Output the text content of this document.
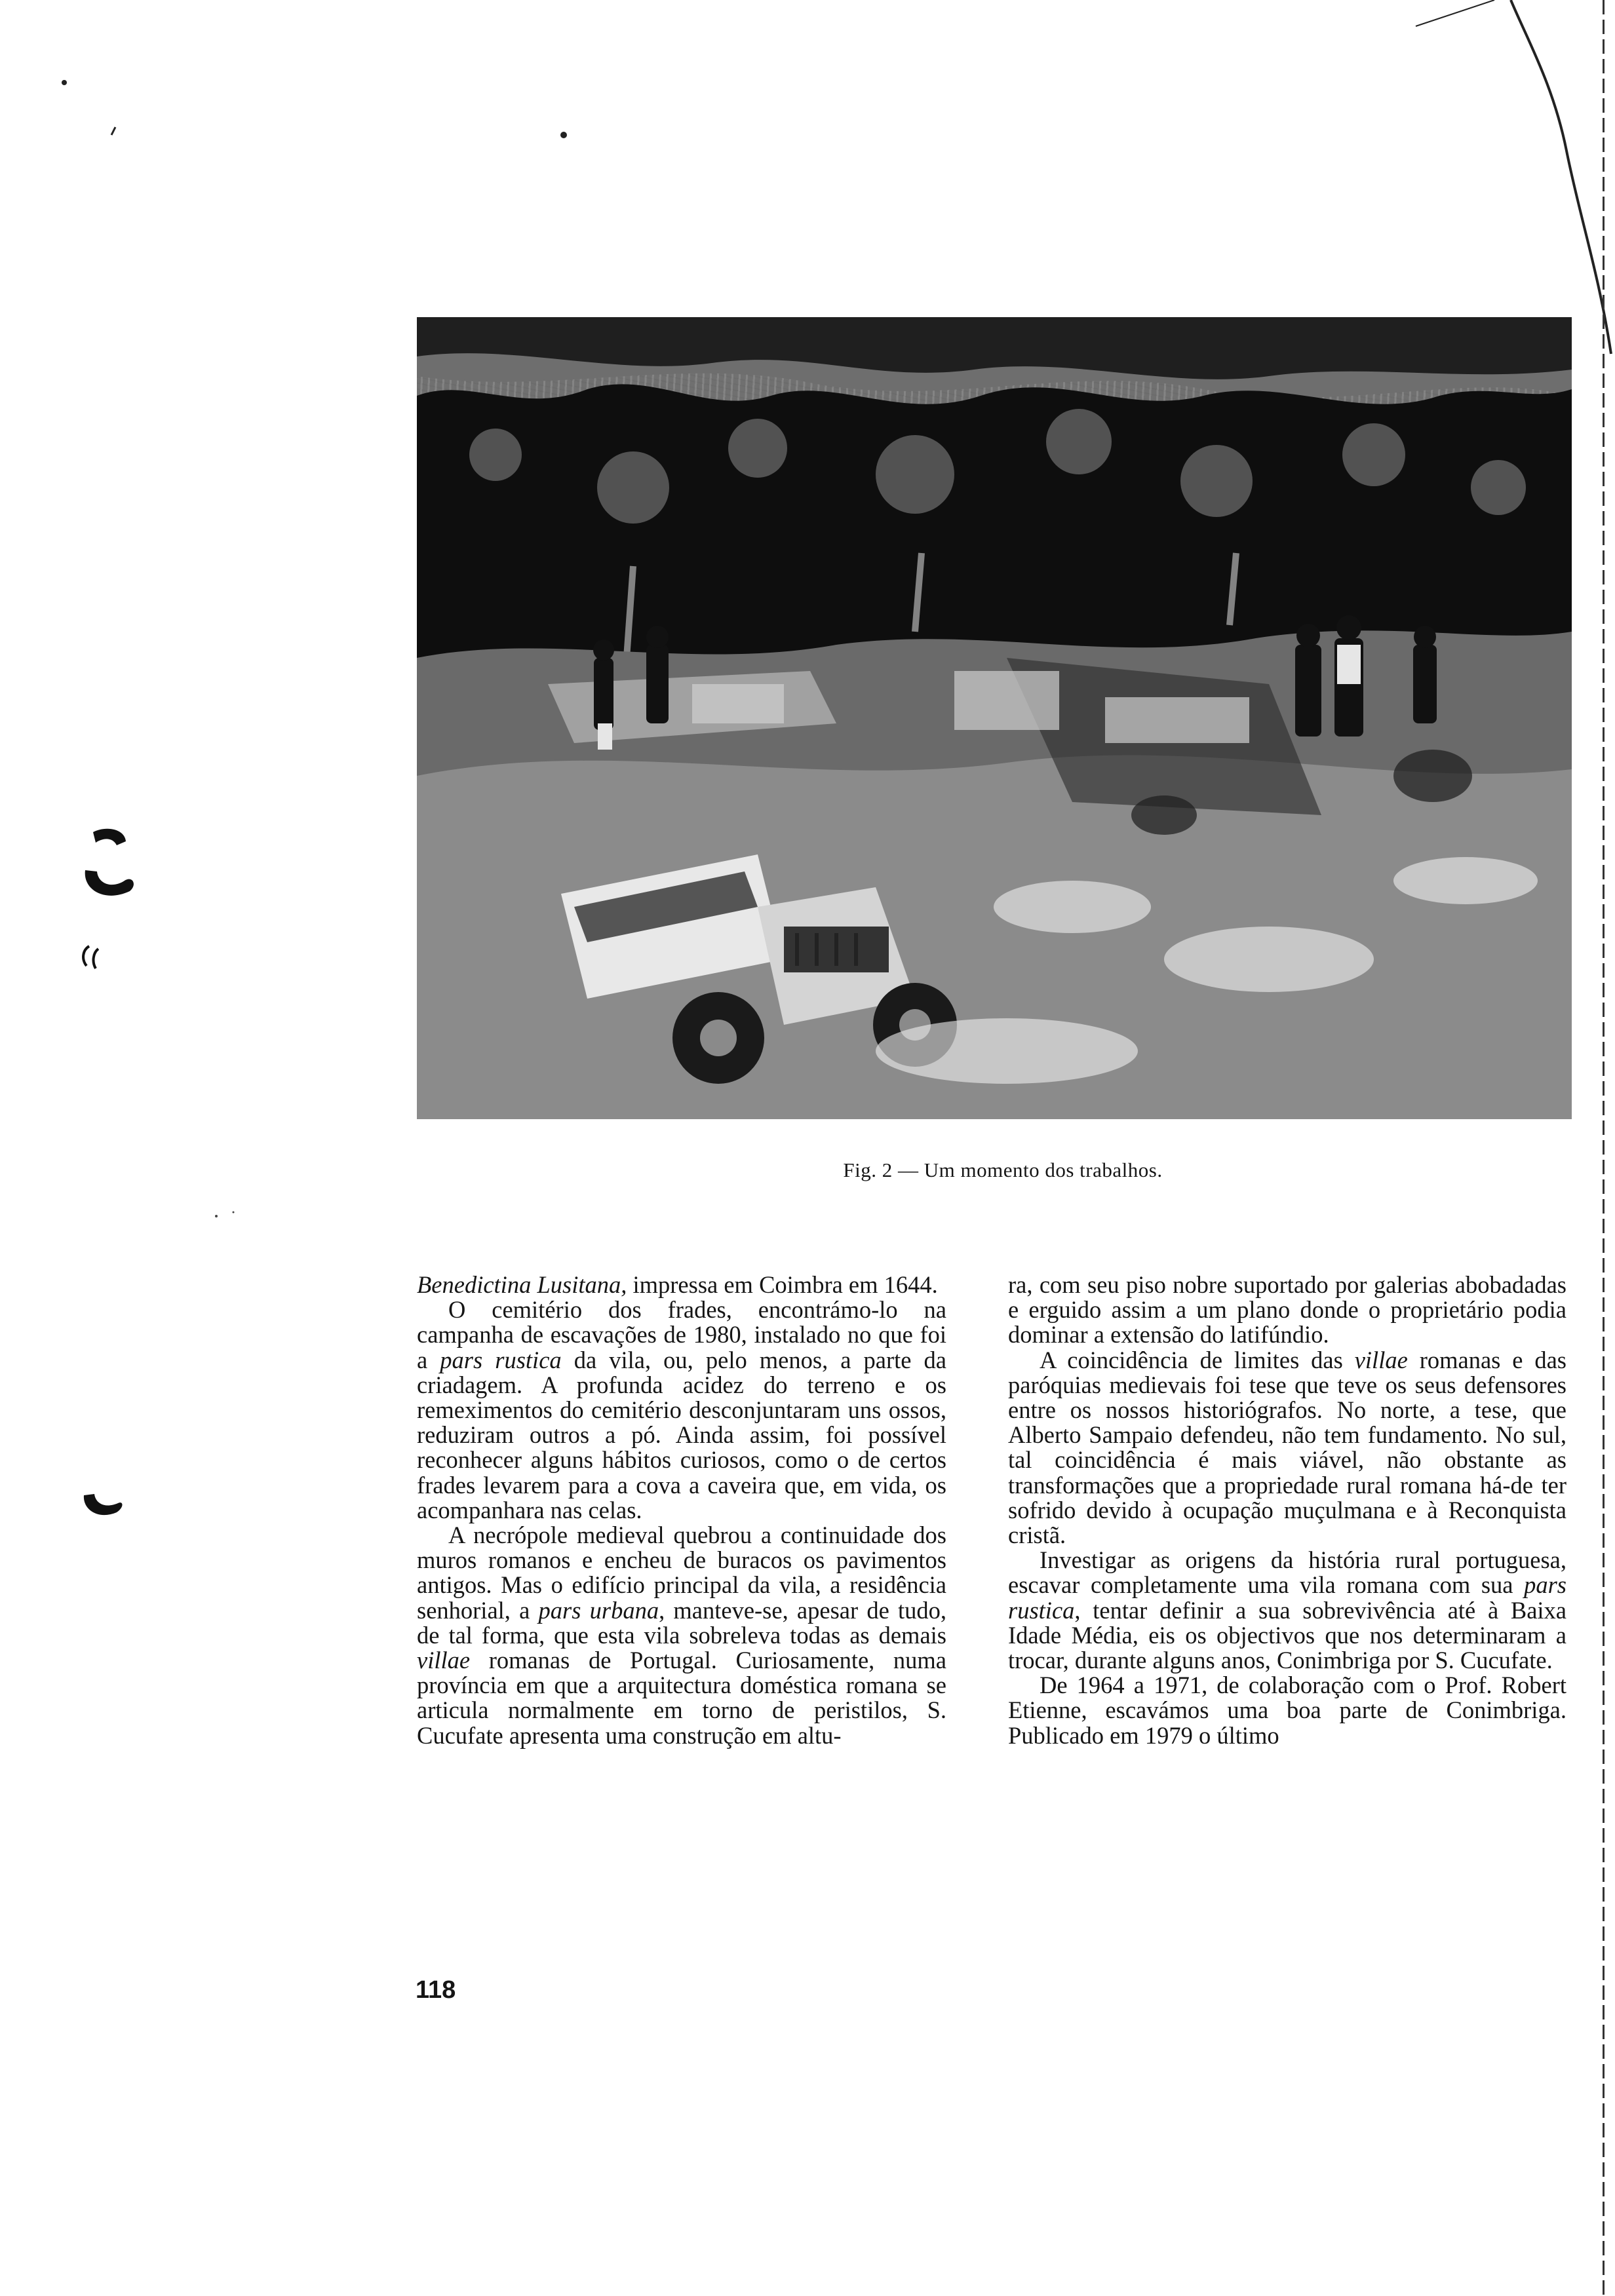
Fig. 2 — Um momento dos trabalhos.

Benedictina Lusitana, impressa em Coimbra em 1644.

O cemitério dos frades, encontrámo-lo na campanha de escavações de 1980, instalado no que foi a pars rustica da vila, ou, pelo menos, a parte da criadagem. A profunda acidez do terreno e os remeximentos do cemitério desconjuntaram uns ossos, reduziram outros a pó. Ainda assim, foi possível reconhecer alguns hábitos curiosos, como o de certos frades levarem para a cova a caveira que, em vida, os acompanhara nas celas.

A necrópole medieval quebrou a continuidade dos muros romanos e encheu de buracos os pavimentos antigos. Mas o edifício principal da vila, a residência senhorial, a pars urbana, manteve-se, apesar de tudo, de tal forma, que esta vila sobreleva todas as demais villae romanas de Portugal. Curiosamente, numa província em que a arquitectura doméstica romana se articula normalmente em torno de peristilos, S. Cucufate apresenta uma construção em altu-

ra, com seu piso nobre suportado por galerias abobadadas e erguido assim a um plano donde o proprietário podia dominar a extensão do latifúndio.

A coincidência de limites das villae romanas e das paróquias medievais foi tese que teve os seus defensores entre os nossos historiógrafos. No norte, a tese, que Alberto Sampaio defendeu, não tem fundamento. No sul, tal coincidência é mais viável, não obstante as transformações que a propriedade rural romana há-de ter sofrido devido à ocupação muçulmana e à Reconquista cristã.

Investigar as origens da história rural portuguesa, escavar completamente uma vila romana com sua pars rustica, tentar definir a sua sobrevivência até à Baixa Idade Média, eis os objectivos que nos determinaram a trocar, durante alguns anos, Conimbriga por S. Cucufate.

De 1964 a 1971, de colaboração com o Prof. Robert Etienne, escavámos uma boa parte de Conimbriga. Publicado em 1979 o último

118
